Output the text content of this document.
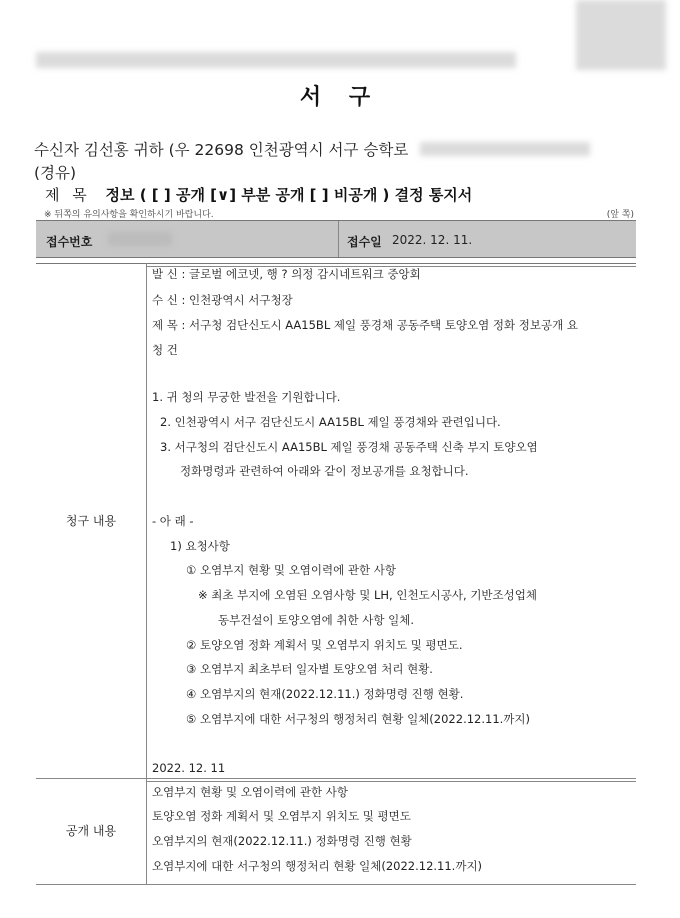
서 구
수신자 김선홍 귀하 (우 22698 인천광역시 서구 승학로
(경유)
제 목 정보 ( [ ] 공개 [∨] 부분 공개 [ ] 비공개 ) 결정 통지서
※ 뒤쪽의 유의사항을 확인하시기 바랍니다.	(앞 쪽)
접수번호	접수일 2022. 12. 11.
청구 내용
발 신 : 글로벌 에코넷, 행 ? 의정 감시네트워크 중앙회
수 신 : 인천광역시 서구청장
제 목 : 서구청 검단신도시 AA15BL 제일 풍경채 공동주택 토양오염 정화 정보공개 요
청 건
1. 귀 청의 무궁한 발전을 기원합니다.
2. 인천광역시 서구 검단신도시 AA15BL 제일 풍경채와 관련입니다.
3. 서구청의 검단신도시 AA15BL 제일 풍경채 공동주택 신축 부지 토양오염
정화명령과 관련하여 아래와 같이 정보공개를 요청합니다.
- 아 래 -
1) 요청사항
① 오염부지 현황 및 오염이력에 관한 사항
※ 최초 부지에 오염된 오염사항 및 LH, 인천도시공사, 기반조성업체
동부건설이 토양오염에 취한 사항 일체.
② 토양오염 정화 계획서 및 오염부지 위치도 및 평면도.
③ 오염부지 최초부터 일자별 토양오염 처리 현황.
④ 오염부지의 현재(2022.12.11.) 정화명령 진행 현황.
⑤ 오염부지에 대한 서구청의 행정처리 현황 일체(2022.12.11.까지)
2022. 12. 11
공개 내용
오염부지 현황 및 오염이력에 관한 사항
토양오염 정화 계획서 및 오염부지 위치도 및 평면도
오염부지의 현재(2022.12.11.) 정화명령 진행 현황
오염부지에 대한 서구청의 행정처리 현황 일체(2022.12.11.까지)
